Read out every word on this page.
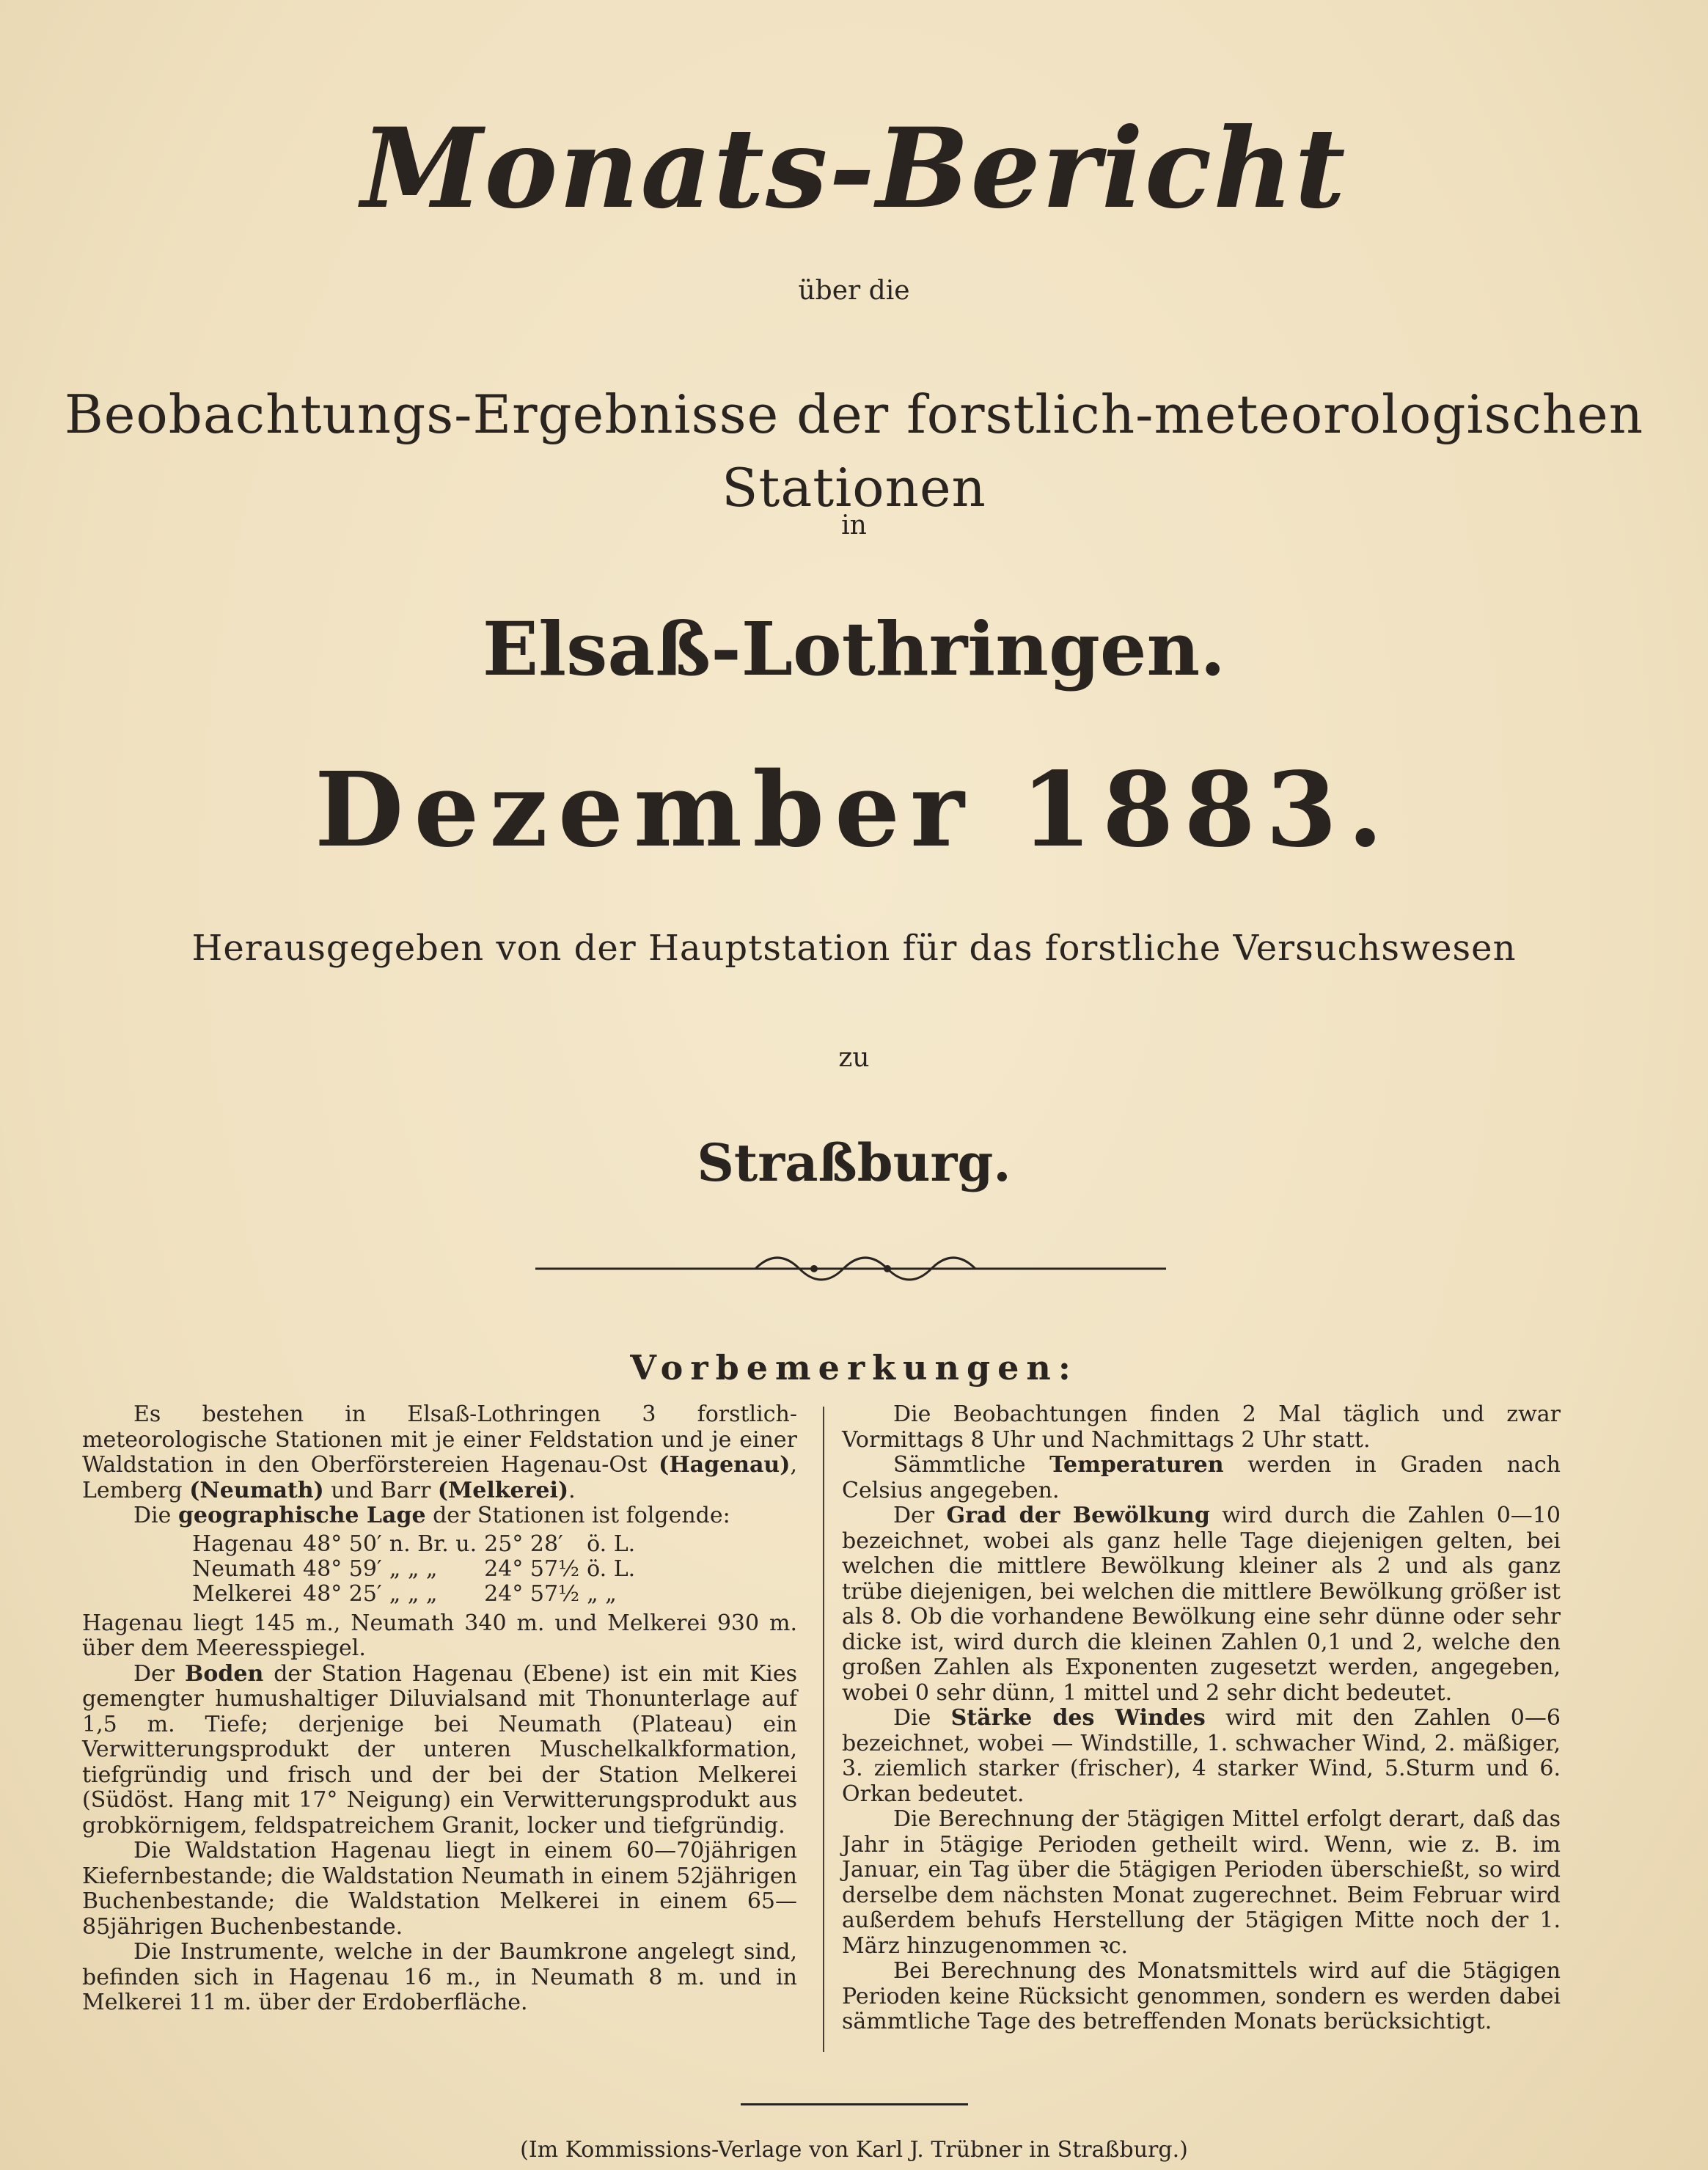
Monats-Bericht
über die
Beobachtungs-Ergebnisse der forstlich-meteorologischen Stationen
in
Elsaß-Lothringen.
Dezember 1883.
Herausgegeben von der Hauptstation für das forstliche Versuchswesen
zu
Straßburg.
Vorbemerkungen:

Es bestehen in Elsaß-Lothringen 3 forstlich-meteorologische Stationen mit je einer Feldstation und je einer Waldstation in den Oberförstereien Hagenau-Ost (Hagenau), Lemberg (Neumath) und Barr (Melkerei).

Die geographische Lage der Stationen ist folgende:

Hagenau	48° 50′	n. Br. u.	25° 28′	ö. L.
Neumath	48° 59′	„ „ „	24° 57½	ö. L.
Melkerei	48° 25′	„ „ „	24° 57½	„ „

Hagenau liegt 145 m., Neumath 340 m. und Melkerei 930 m. über dem Meeresspiegel.

Der Boden der Station Hagenau (Ebene) ist ein mit Kies gemengter humushaltiger Diluvialsand mit Thonunterlage auf 1,5 m. Tiefe; derjenige bei Neumath (Plateau) ein Verwitterungsprodukt der unteren Muschelkalkformation, tiefgründig und frisch und der bei der Station Melkerei (Südöst. Hang mit 17° Neigung) ein Verwitterungsprodukt aus grobkörnigem, feldspatreichem Granit, locker und tiefgründig.

Die Waldstation Hagenau liegt in einem 60—70jährigen Kiefernbestande; die Waldstation Neumath in einem 52jährigen Buchenbestande; die Waldstation Melkerei in einem 65—85jährigen Buchenbestande.

Die Instrumente, welche in der Baumkrone angelegt sind, befinden sich in Hagenau 16 m., in Neumath 8 m. und in Melkerei 11 m. über der Erdoberfläche.

Die Beobachtungen finden 2 Mal täglich und zwar Vormittags 8 Uhr und Nachmittags 2 Uhr statt.

Sämmtliche Temperaturen werden in Graden nach Celsius angegeben.

Der Grad der Bewölkung wird durch die Zahlen 0—10 bezeichnet, wobei als ganz helle Tage diejenigen gelten, bei welchen die mittlere Bewölkung kleiner als 2 und als ganz trübe diejenigen, bei welchen die mittlere Bewölkung größer ist als 8. Ob die vorhandene Bewölkung eine sehr dünne oder sehr dicke ist, wird durch die kleinen Zahlen 0,1 und 2, welche den großen Zahlen als Exponenten zugesetzt werden, angegeben, wobei 0 sehr dünn, 1 mittel und 2 sehr dicht bedeutet.

Die Stärke des Windes wird mit den Zahlen 0—6 bezeichnet, wobei — Windstille, 1. schwacher Wind, 2. mäßiger, 3. ziemlich starker (frischer), 4 starker Wind, 5.Sturm und 6. Orkan bedeutet.

Die Berechnung der 5tägigen Mittel erfolgt derart, daß das Jahr in 5tägige Perioden getheilt wird. Wenn, wie z. B. im Januar, ein Tag über die 5tägigen Perioden überschießt, so wird derselbe dem nächsten Monat zugerechnet. Beim Februar wird außerdem behufs Herstellung der 5tägigen Mitte noch der 1. März hinzugenommen ꝛc.

Bei Berechnung des Monatsmittels wird auf die 5tägigen Perioden keine Rücksicht genommen, sondern es werden dabei sämmtliche Tage des betreffenden Monats berücksichtigt.

(Im Kommissions-Verlage von Karl J. Trübner in Straßburg.)
